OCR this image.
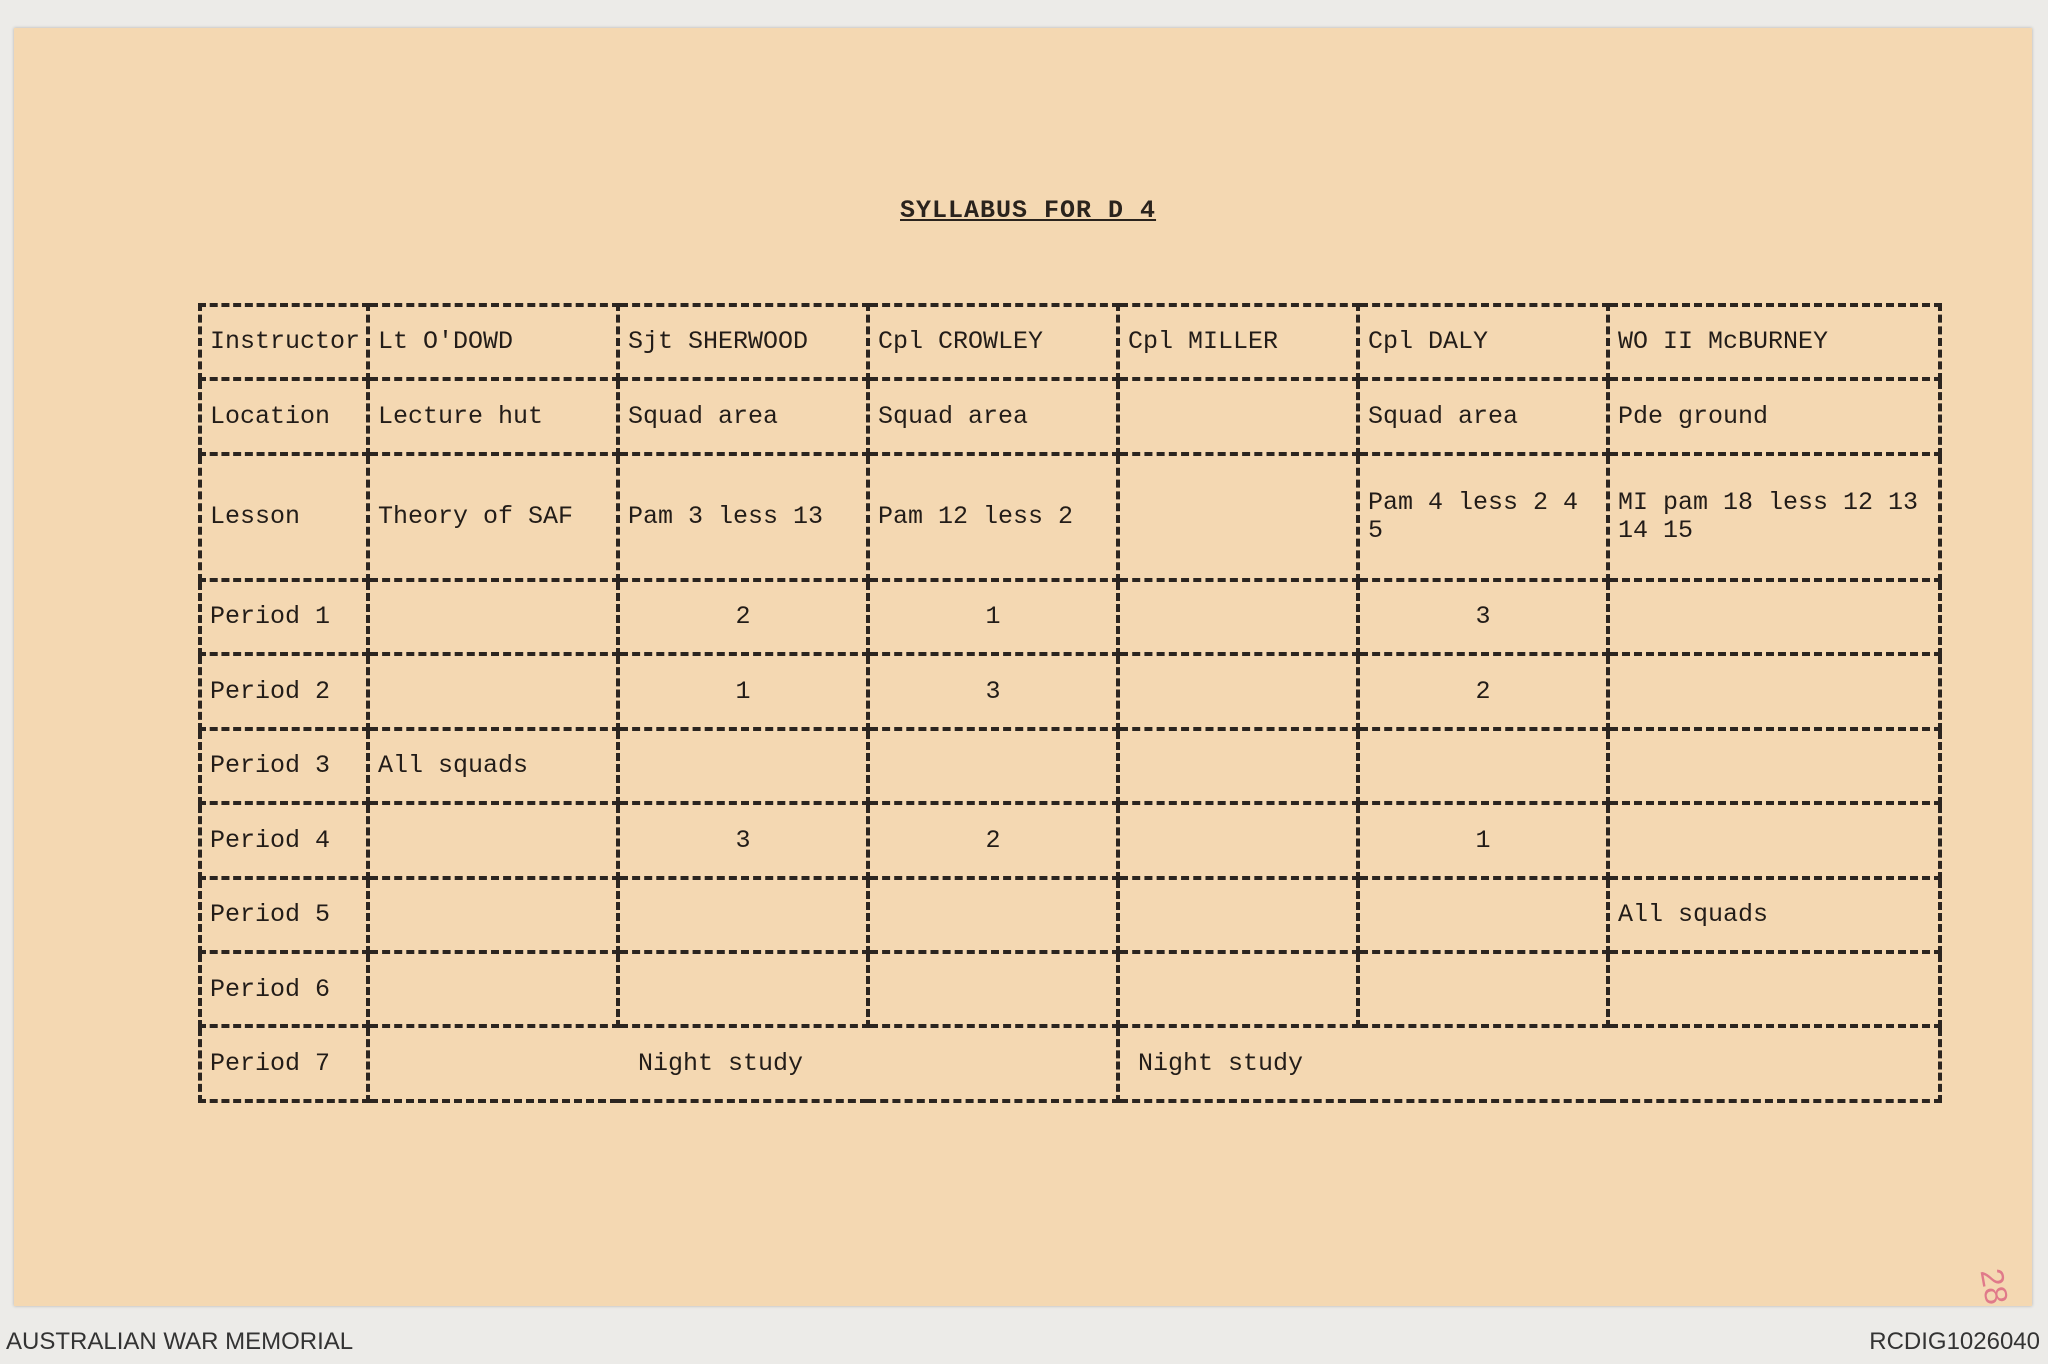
SYLLABUS FOR D 4
Instructor	Lt O'DOWD	Sjt SHERWOOD	Cpl CROWLEY	Cpl MILLER	Cpl DALY	WO II McBURNEY
Location	Lecture hut	Squad area	Squad area		Squad area	Pde ground
Lesson	Theory of SAF	Pam 3 less 13	Pam 12 less 2		Pam 4 less 2 4 5	MI pam 18 less 12 13 14 15
Period 1		2	1		3	
Period 2		1	3		2	
Period 3	All squads					
Period 4		3	2		1	
Period 5						All squads
Period 6						
Period 7	Night study			Night study		
28
AUSTRALIAN WAR MEMORIAL	RCDIG1026040
